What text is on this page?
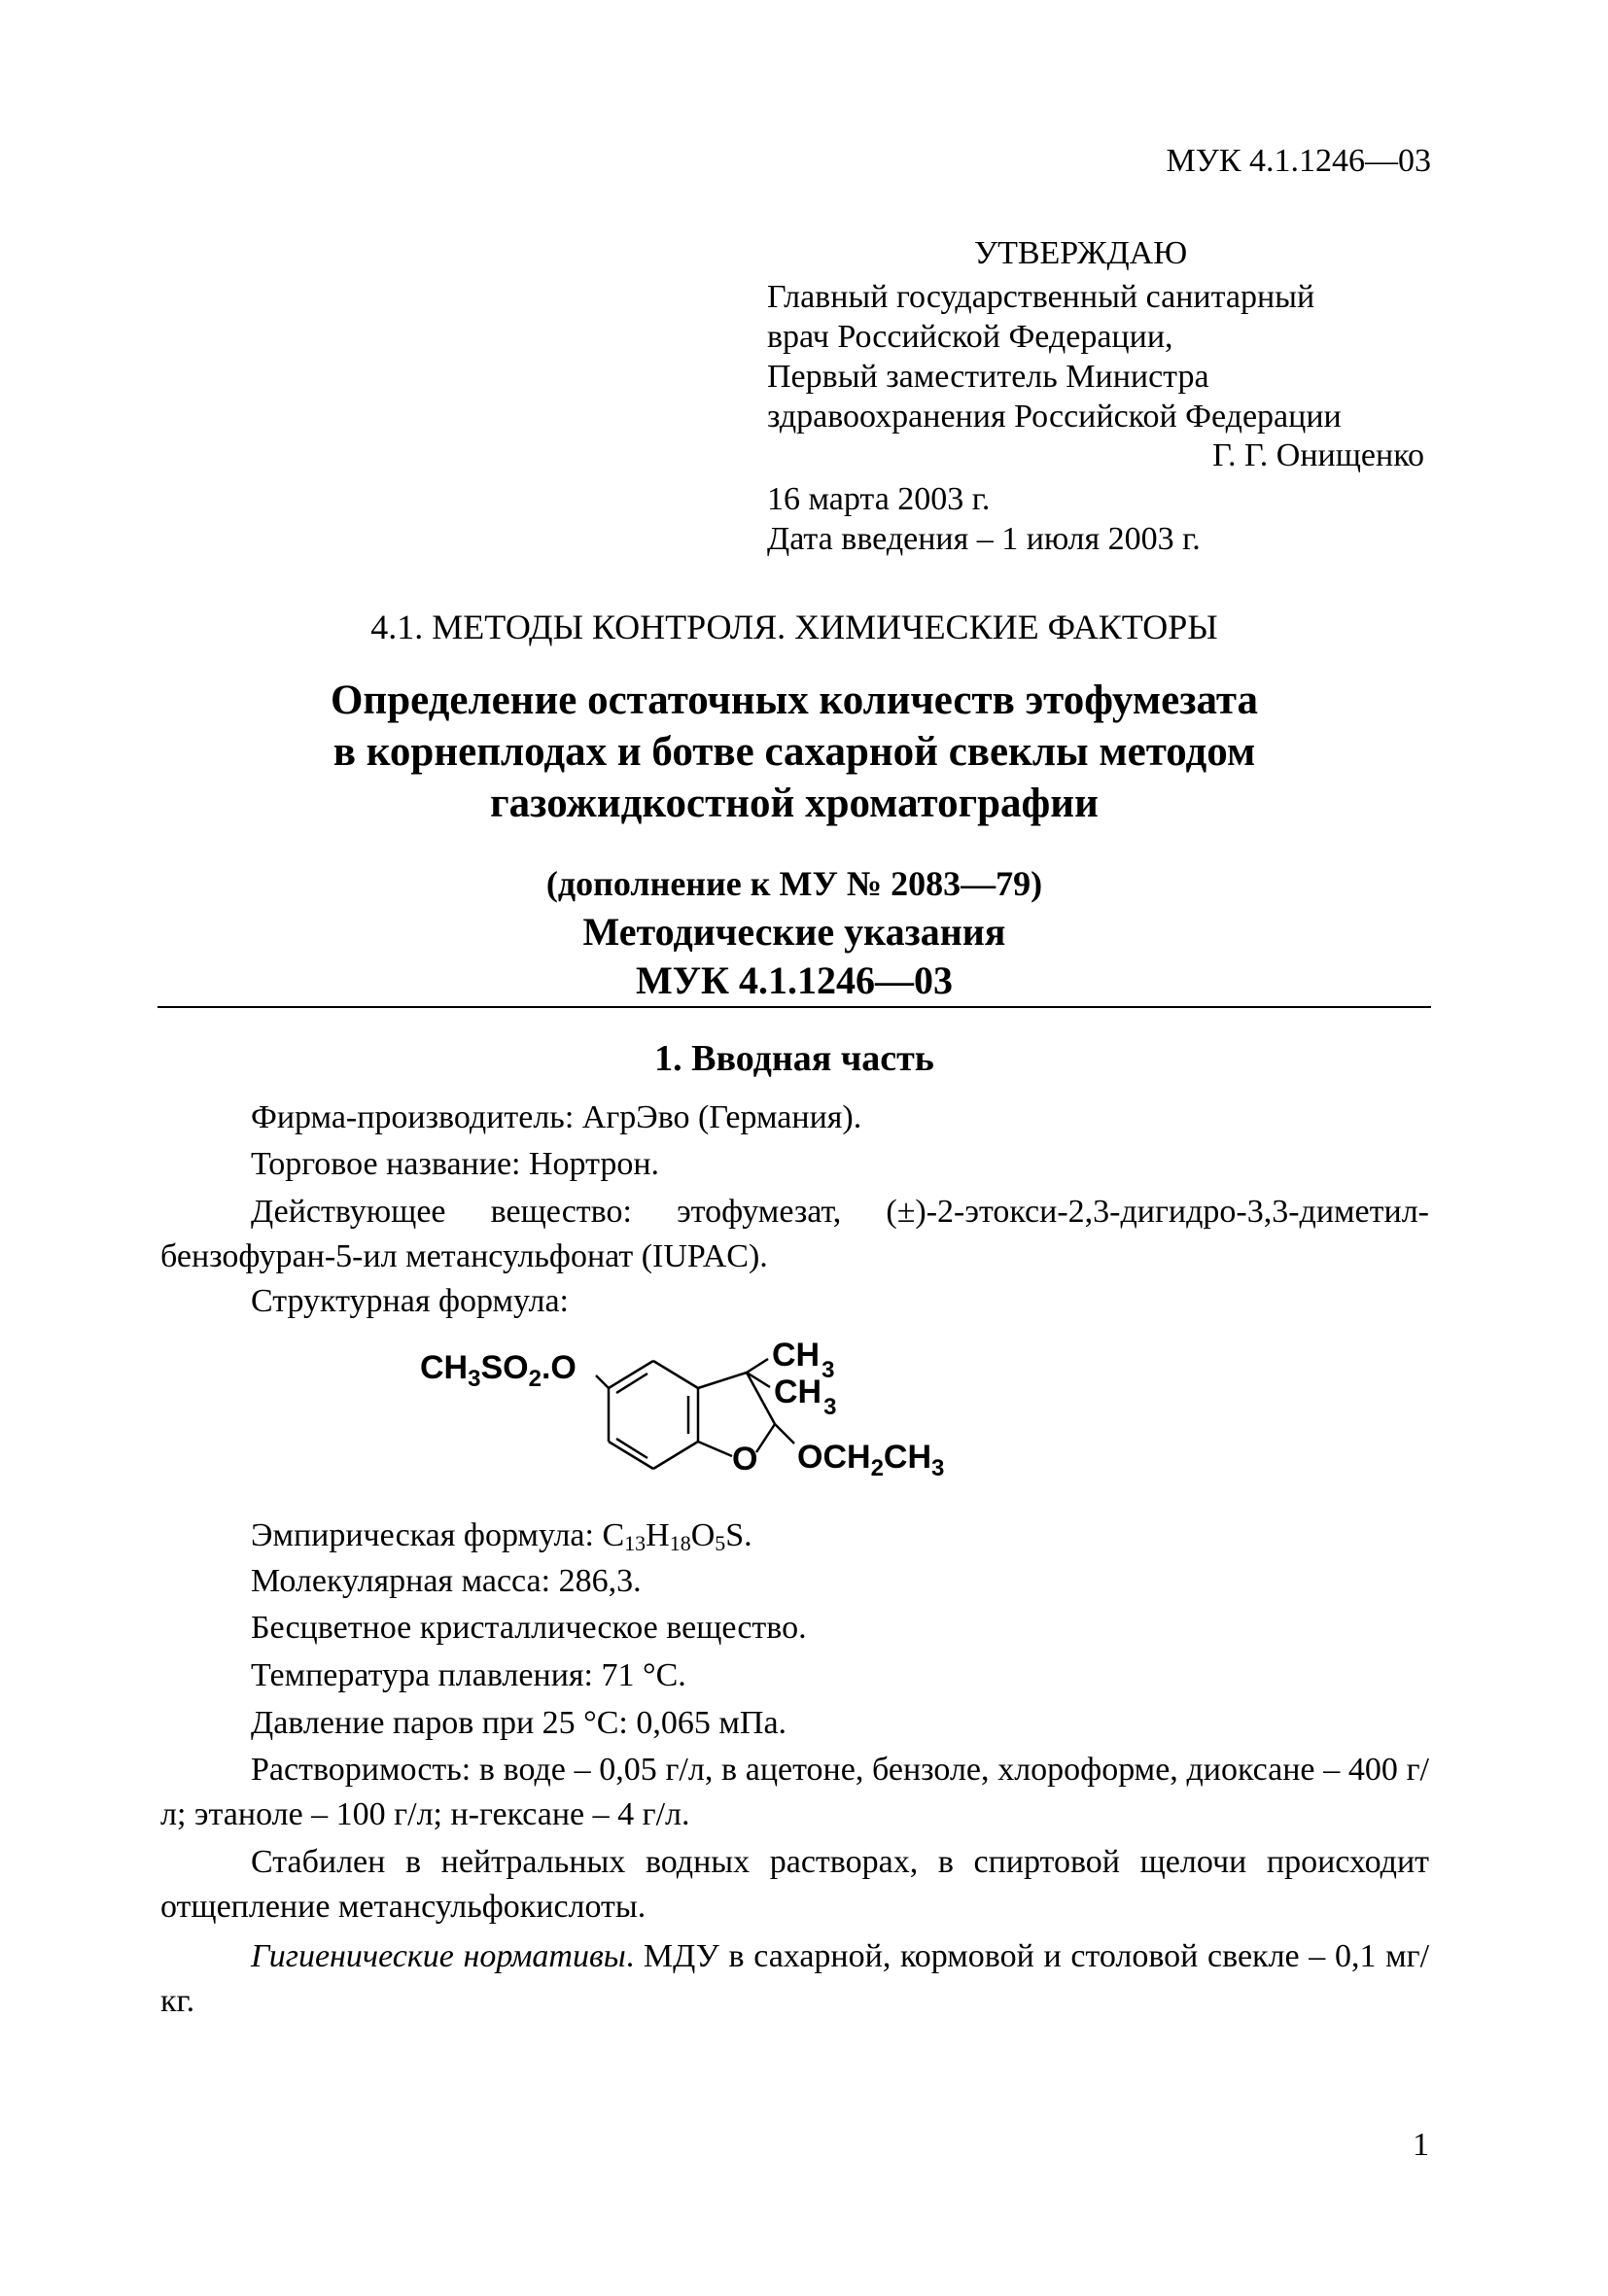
МУК 4.1.1246—03
УТВЕРЖДАЮ
Главный государственный санитарный
врач Российской Федерации,
Первый заместитель Министра
здравоохранения Российской Федерации
Г. Г. Онищенко
16 марта 2003 г.
Дата введения – 1 июля 2003 г.
4.1. МЕТОДЫ КОНТРОЛЯ. ХИМИЧЕСКИЕ ФАКТОРЫ
Определение остаточных количеств этофумезата
в корнеплодах и ботве сахарной свеклы методом
газожидкостной хроматографии
(дополнение к МУ № 2083—79)
Методические указания
МУК 4.1.1246—03
1. Вводная часть
Фирма-производитель: АгрЭво (Германия).
Торговое название: Нортрон.
Действующее вещество: этофумезат, (±)-2-этокси-2,3-дигидро-3,3-диметил-бензофуран-5-ил метансульфонат (IUPAC).
Структурная формула:
$CH_3SO_2.O$	$CH_3$
$CH_3$
O $OCH_2CH_3$
Эмпирическая формула: $C_{13}H_{18}O_5S$.
Молекулярная масса: 286,3.
Бесцветное кристаллическое вещество.
Температура плавления: 71 °С.
Давление паров при 25 °С: 0,065 мПа.
Растворимость: в воде – 0,05 г/л, в ацетоне, бензоле, хлороформе, диоксане – 400 г/л; этаноле – 100 г/л; н-гексане – 4 г/л.
Стабилен в нейтральных водных растворах, в спиртовой щелочи происходит отщепление метансульфокислоты.
Гигиенические нормативы. МДУ в сахарной, кормовой и столовой свекле – 0,1 мг/кг.
1
